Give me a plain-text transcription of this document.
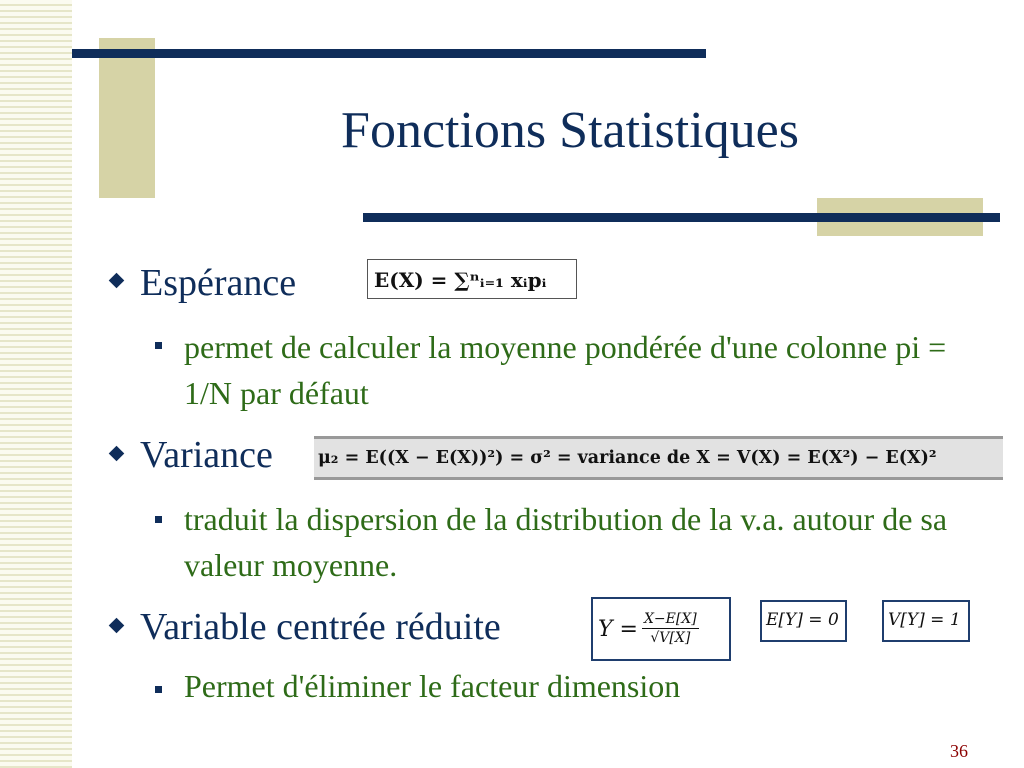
Fonctions Statistiques
Espérance	E(X) = ∑ⁿᵢ₌₁ xᵢpᵢ
permet de calculer la moyenne pondérée d'une colonne pi = 1/N par défaut
Variance	μ₂ = E((X − E(X))²) = σ² = variance de X = V(X) = E(X²) − E(X)²
traduit la dispersion de la distribution de la v.a. autour de sa valeur moyenne.
Variable centrée réduite	$Y = \frac{X-E[X]}{√V[X]}$	E[Y] = 0	V[Y] = 1
Permet d'éliminer le facteur dimension
36
